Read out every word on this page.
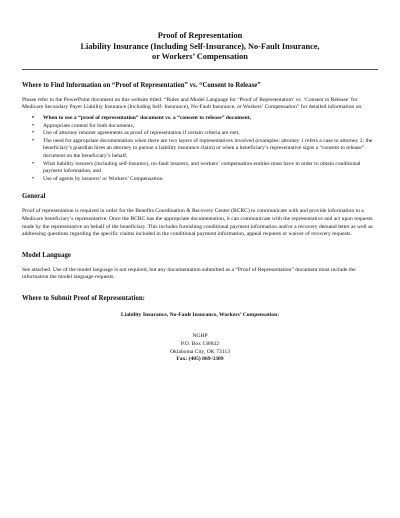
Proof of Representation
Liability Insurance (Including Self-Insurance), No-Fault Insurance,
or Workers’ Compensation
Where to Find Information on “Proof of Representation” vs. “Consent to Release”

Please refer to the PowerPoint document on this website titled: “Rules and Model Language for ‘Proof of Representation’ vs. ‘Consent to Release’ for Medicare Secondary Payer Liability Insurance (Including Self- Insurance), No-Fault Insurance, or Workers’ Compensation” for detailed information on:

• When to use a “proof of representation” document vs. a “consent to release” document,
• Appropriate content for both documents,
• Use of attorney retainer agreements as proof of representation if certain criteria are met,
• The need for appropriate documentation when there are two layers of representatives involved (examples: attorney 1 refers a case to attorney 2; the beneficiary’s guardian hires an attorney to pursue a liability insurance claim) or when a beneficiary’s representative signs a “consent to release” document on the beneficiary’s behalf,
• What liability insurers (including self-insurers), no-fault insurers, and workers’ compensation entities must have in order to obtain conditional payment information, and
• Use of agents by insurers’ or Workers’ Compensation.
General

Proof of representation is required in order for the Benefits Coordination & Recovery Center (BCRC) to communicate with and provide information to a Medicare beneficiary’s representative. Once the BCRC has the appropriate documentation, it can communicate with the representative and act upon requests made by the representative on behalf of the beneficiary. This includes furnishing conditional payment information and/or a recovery demand letter as well as addressing questions regarding the specific claims included in the conditional payment information, appeal requests or waiver of recovery requests.

Model Language

See attached. Use of the model language is not required, but any documentation submitted as a “Proof of Representation” document must include the information the model language requests.

Where to Submit Proof of Representation:

Liability Insurance, No-Fault Insurance, Workers’ Compensation:

NGHP

P.O. Box 138832

Oklahoma City, OK 73113

Fax: (405) 869-3309
